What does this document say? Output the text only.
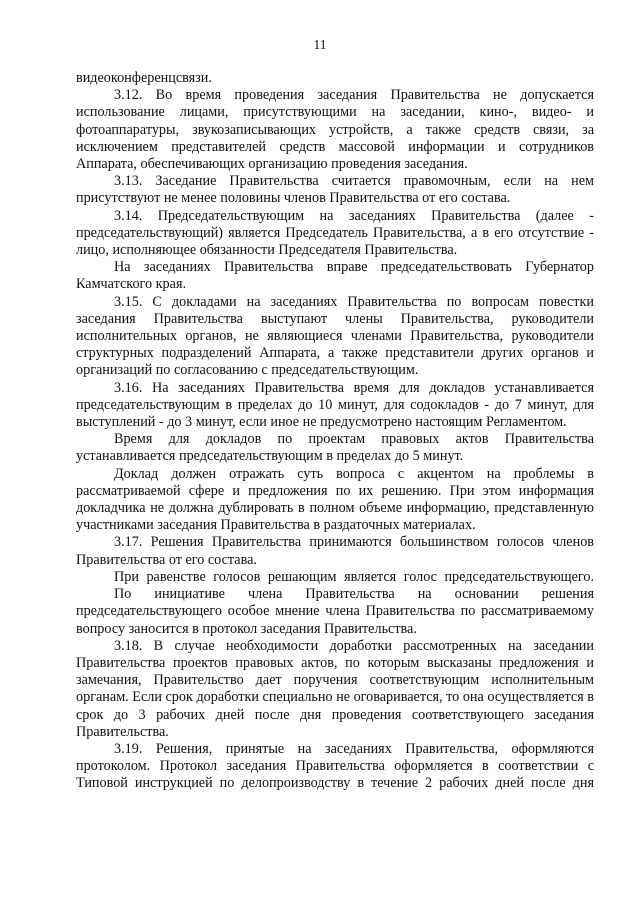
11

видеоконференцсвязи.

3.12. Во время проведения заседания Правительства не допускается использование лицами, присутствующими на заседании, кино-, видео- и фотоаппаратуры, звукозаписывающих устройств, а также средств связи, за исключением представителей средств массовой информации и сотрудников Аппарата, обеспечивающих организацию проведения заседания.

3.13. Заседание Правительства считается правомочным, если на нем присутствуют не менее половины членов Правительства от его состава.

3.14. Председательствующим на заседаниях Правительства (далее - председательствующий) является Председатель Правительства, а в его отсутствие - лицо, исполняющее обязанности Председателя Правительства.

На заседаниях Правительства вправе председательствовать Губернатор Камчатского края.

3.15. С докладами на заседаниях Правительства по вопросам повестки заседания Правительства выступают члены Правительства, руководители исполнительных органов, не являющиеся членами Правительства, руководители структурных подразделений Аппарата, а также представители других органов и организаций по согласованию с председательствующим.

3.16. На заседаниях Правительства время для докладов устанавливается председательствующим в пределах до 10 минут, для содокладов - до 7 минут, для выступлений - до 3 минут, если иное не предусмотрено настоящим Регламентом.

Время для докладов по проектам правовых актов Правительства устанавливается председательствующим в пределах до 5 минут.

Доклад должен отражать суть вопроса с акцентом на проблемы в рассматриваемой сфере и предложения по их решению. При этом информация докладчика не должна дублировать в полном объеме информацию, представленную участниками заседания Правительства в раздаточных материалах.

3.17. Решения Правительства принимаются большинством голосов членов Правительства от его состава.

При равенстве голосов решающим является голос председательствующего.

По инициативе члена Правительства на основании решения председательствующего особое мнение члена Правительства по рассматриваемому вопросу заносится в протокол заседания Правительства.

3.18. В случае необходимости доработки рассмотренных на заседании Правительства проектов правовых актов, по которым высказаны предложения и замечания, Правительство дает поручения соответствующим исполнительным органам. Если срок доработки специально не оговаривается, то она осуществляется в срок до 3 рабочих дней после дня проведения соответствующего заседания Правительства.

3.19. Решения, принятые на заседаниях Правительства, оформляются протоколом. Протокол заседания Правительства оформляется в соответствии с Типовой инструкцией по делопроизводству в течение 2 рабочих дней после дня
